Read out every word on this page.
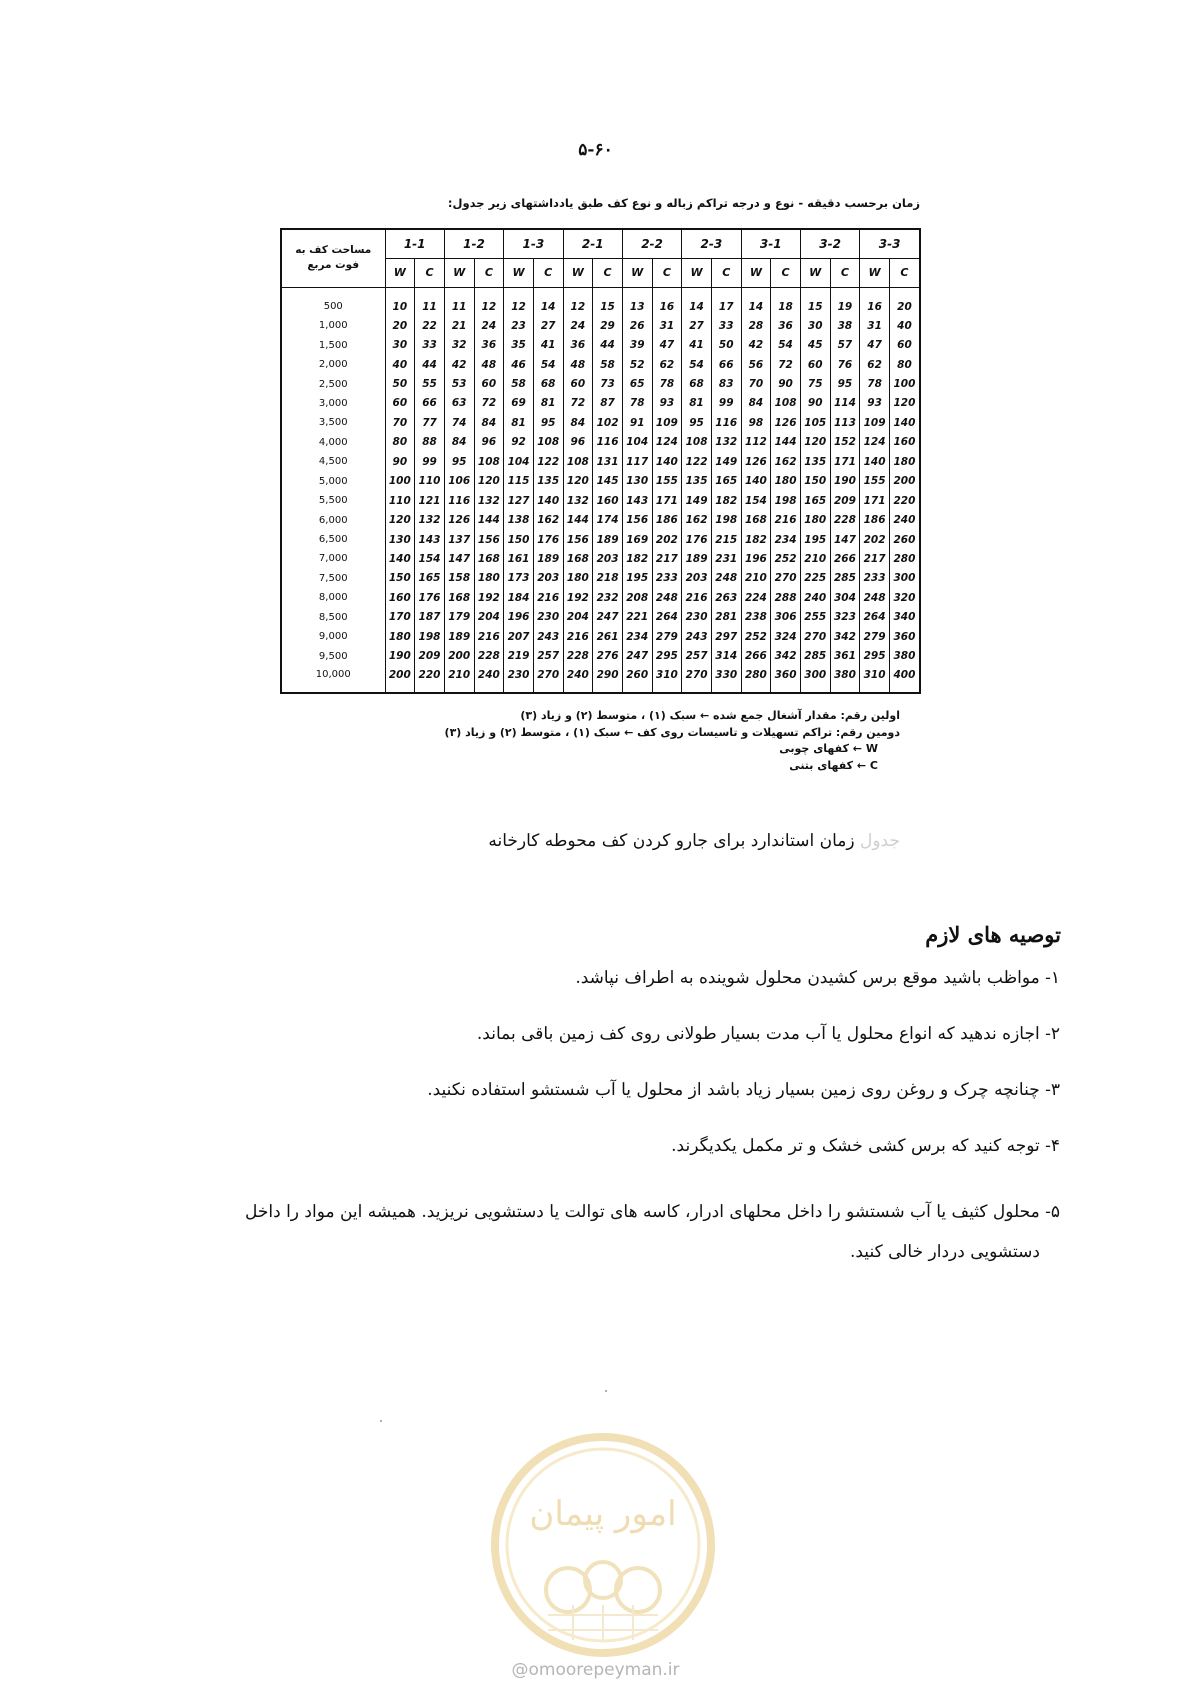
۵-۶۰
زمان برحسب دقیقه - نوع و درجه تراکم زباله و نوع کف طبق یادداشتهای زیر جدول:
مساحت کف به
فوت مربع	1-1		1-2		1-3		2-1		2-2		2-3		3-1		3-2		3-3	
	W	C	W	C	W	C	W	C	W	C	W	C	W	C	W	C	W	C
500	10	11	11	12	12	14	12	15	13	16	14	17	14	18	15	19	16	20
1,000	20	22	21	24	23	27	24	29	26	31	27	33	28	36	30	38	31	40
1,500	30	33	32	36	35	41	36	44	39	47	41	50	42	54	45	57	47	60
2,000	40	44	42	48	46	54	48	58	52	62	54	66	56	72	60	76	62	80
2,500	50	55	53	60	58	68	60	73	65	78	68	83	70	90	75	95	78	100
3,000	60	66	63	72	69	81	72	87	78	93	81	99	84	108	90	114	93	120
3,500	70	77	74	84	81	95	84	102	91	109	95	116	98	126	105	113	109	140
4,000	80	88	84	96	92	108	96	116	104	124	108	132	112	144	120	152	124	160
4,500	90	99	95	108	104	122	108	131	117	140	122	149	126	162	135	171	140	180
5,000	100	110	106	120	115	135	120	145	130	155	135	165	140	180	150	190	155	200
5,500	110	121	116	132	127	140	132	160	143	171	149	182	154	198	165	209	171	220
6,000	120	132	126	144	138	162	144	174	156	186	162	198	168	216	180	228	186	240
6,500	130	143	137	156	150	176	156	189	169	202	176	215	182	234	195	147	202	260
7,000	140	154	147	168	161	189	168	203	182	217	189	231	196	252	210	266	217	280
7,500	150	165	158	180	173	203	180	218	195	233	203	248	210	270	225	285	233	300
8,000	160	176	168	192	184	216	192	232	208	248	216	263	224	288	240	304	248	320
8,500	170	187	179	204	196	230	204	247	221	264	230	281	238	306	255	323	264	340
9,000	180	198	189	216	207	243	216	261	234	279	243	297	252	324	270	342	279	360
9,500	190	209	200	228	219	257	228	276	247	295	257	314	266	342	285	361	295	380
10,000	200	220	210	240	230	270	240	290	260	310	270	330	280	360	300	380	310	400
اولین رقم: مقدار آشغال جمع شده ← سبک (۱) ، متوسط (۲) و زیاد (۳)
دومین رقم: تراکم تسهیلات و تاسیسات روی کف ← سبک (۱) ، متوسط (۲) و زیاد (۳)
W ← کفهای چوبی
C ← کفهای بتنی
جدول زمان استاندارد برای جارو کردن کف محوطه کارخانه
توصیه های لازم
۱- مواظب باشید موقع برس کشیدن محلول شوینده به اطراف نپاشد.
۲- اجازه ندهید که انواع محلول یا آب مدت بسیار طولانی روی کف زمین باقی بماند.
۳- چنانچه چرک و روغن روی زمین بسیار زیاد باشد از محلول یا آب شستشو استفاده نکنید.
۴- توجه کنید که برس کشی خشک و تر مکمل یکدیگرند.
۵- محلول کثیف یا آب شستشو را داخل محلهای ادرار، کاسه های توالت یا دستشویی نریزید. همیشه این مواد را داخل
دستشویی دردار خالی کنید.
امور پیمان
@omoorepeyman.ir
